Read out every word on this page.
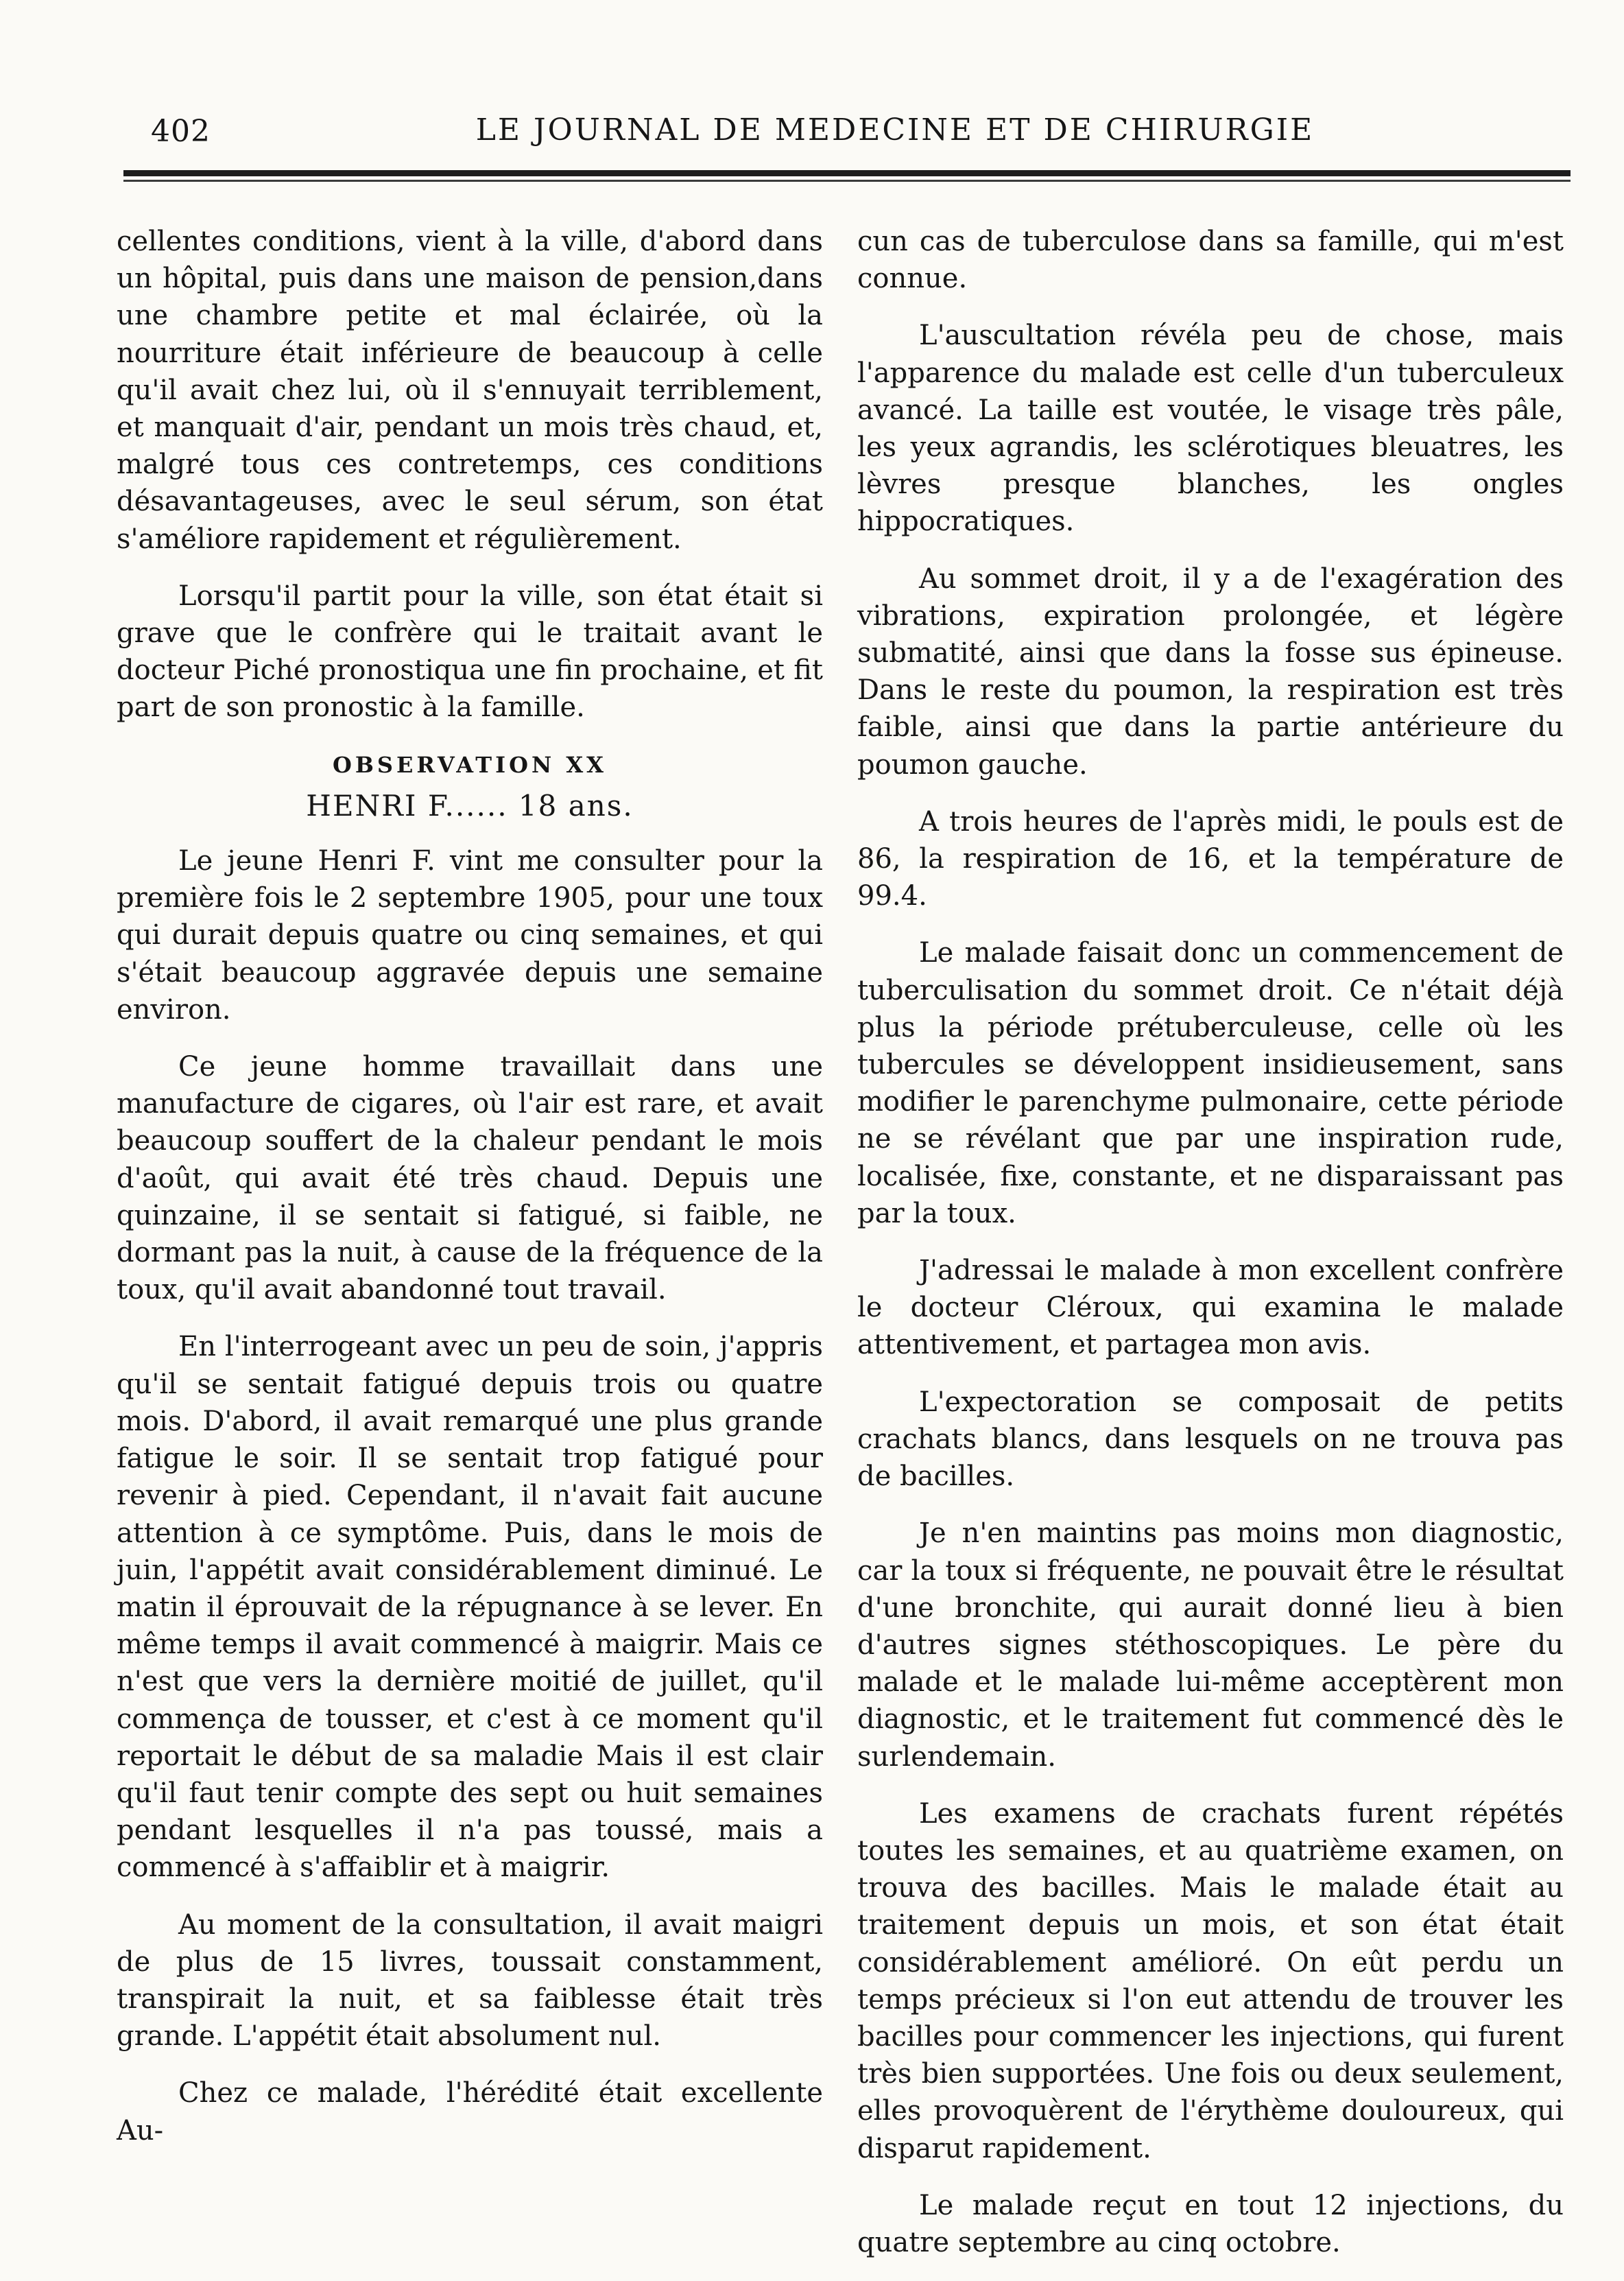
402	LE JOURNAL DE MEDECINE ET DE CHIRURGIE

cellentes conditions, vient à la ville, d'abord dans un hôpital, puis dans une maison de pension,dans une chambre petite et mal éclairée, où la nourriture était inférieure de beaucoup à celle qu'il avait chez lui, où il s'ennuyait terriblement, et manquait d'air, pendant un mois très chaud, et, malgré tous ces contretemps, ces conditions désavantageuses, avec le seul sérum, son état s'améliore rapidement et régulièrement.

Lorsqu'il partit pour la ville, son état était si grave que le confrère qui le traitait avant le docteur Piché pronostiqua une fin prochaine, et fit part de son pronostic à la famille.

OBSERVATION XX
HENRI F...... 18 ans.

Le jeune Henri F. vint me consulter pour la première fois le 2 septembre 1905, pour une toux qui durait depuis quatre ou cinq semaines, et qui s'était beaucoup aggravée depuis une semaine environ.

Ce jeune homme travaillait dans une manufacture de cigares, où l'air est rare, et avait beaucoup souffert de la chaleur pendant le mois d'août, qui avait été très chaud. Depuis une quinzaine, il se sentait si fatigué, si faible, ne dormant pas la nuit, à cause de la fréquence de la toux, qu'il avait abandonné tout travail.

En l'interrogeant avec un peu de soin, j'appris qu'il se sentait fatigué depuis trois ou quatre mois. D'abord, il avait remarqué une plus grande fatigue le soir. Il se sentait trop fatigué pour revenir à pied. Cependant, il n'avait fait aucune attention à ce symptôme. Puis, dans le mois de juin, l'appétit avait considérablement diminué. Le matin il éprouvait de la répugnance à se lever. En même temps il avait commencé à maigrir. Mais ce n'est que vers la dernière moitié de juillet, qu'il commença de tousser, et c'est à ce moment qu'il reportait le début de sa maladie Mais il est clair qu'il faut tenir compte des sept ou huit semaines pendant lesquelles il n'a pas toussé, mais a commencé à s'affaiblir et à maigrir.

Au moment de la consultation, il avait maigri de plus de 15 livres, toussait constamment, transpirait la nuit, et sa faiblesse était très grande. L'appétit était absolument nul.

Chez ce malade, l'hérédité était excellente Au-

cun cas de tuberculose dans sa famille, qui m'est connue.

L'auscultation révéla peu de chose, mais l'apparence du malade est celle d'un tuberculeux avancé. La taille est voutée, le visage très pâle, les yeux agrandis, les sclérotiques bleuatres, les lèvres presque blanches, les ongles hippocratiques.

Au sommet droit, il y a de l'exagération des vibrations, expiration prolongée, et légère submatité, ainsi que dans la fosse sus épineuse. Dans le reste du poumon, la respiration est très faible, ainsi que dans la partie antérieure du poumon gauche.

A trois heures de l'après midi, le pouls est de 86, la respiration de 16, et la température de 99.4.

Le malade faisait donc un commencement de tuberculisation du sommet droit. Ce n'était déjà plus la période prétuberculeuse, celle où les tubercules se développent insidieusement, sans modifier le parenchyme pulmonaire, cette période ne se révélant que par une inspiration rude, localisée, fixe, constante, et ne disparaissant pas par la toux.

J'adressai le malade à mon excellent confrère le docteur Cléroux, qui examina le malade attentivement, et partagea mon avis.

L'expectoration se composait de petits crachats blancs, dans lesquels on ne trouva pas de bacilles.

Je n'en maintins pas moins mon diagnostic, car la toux si fréquente, ne pouvait être le résultat d'une bronchite, qui aurait donné lieu à bien d'autres signes stéthoscopiques. Le père du malade et le malade lui-même acceptèrent mon diagnostic, et le traitement fut commencé dès le surlendemain.

Les examens de crachats furent répétés toutes les semaines, et au quatrième examen, on trouva des bacilles. Mais le malade était au traitement depuis un mois, et son état était considérablement amélioré. On eût perdu un temps précieux si l'on eut attendu de trouver les bacilles pour commencer les injections, qui furent très bien supportées. Une fois ou deux seulement, elles provoquèrent de l'érythème douloureux, qui disparut rapidement.

Le malade reçut en tout 12 injections, du quatre septembre au cinq octobre.
